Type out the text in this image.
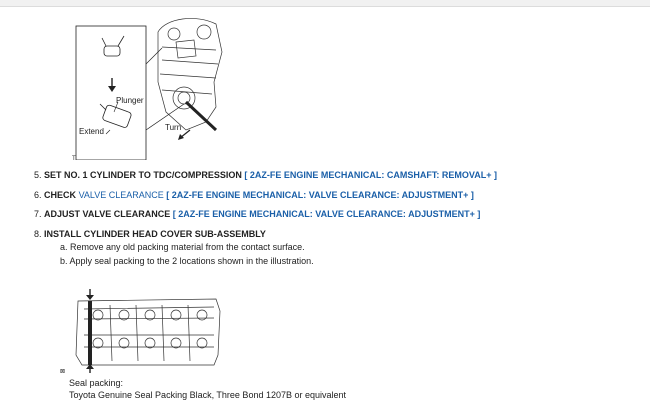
Plunger
Extend	Turn
T
5. SET NO. 1 CYLINDER TO TDC/COMPRESSION [ 2AZ-FE ENGINE MECHANICAL: CAMSHAFT: REMOVAL+ ]
6. CHECK VALVE CLEARANCE [ 2AZ-FE ENGINE MECHANICAL: VALVE CLEARANCE: ADJUSTMENT+ ]
7. ADJUST VALVE CLEARANCE [ 2AZ-FE ENGINE MECHANICAL: VALVE CLEARANCE: ADJUSTMENT+ ]
8. INSTALL CYLINDER HEAD COVER SUB-ASSEMBLY
a. Remove any old packing material from the contact surface.
b. Apply seal packing to the 2 locations shown in the illustration.
⊠
Seal packing:
Toyota Genuine Seal Packing Black, Three Bond 1207B or equivalent
